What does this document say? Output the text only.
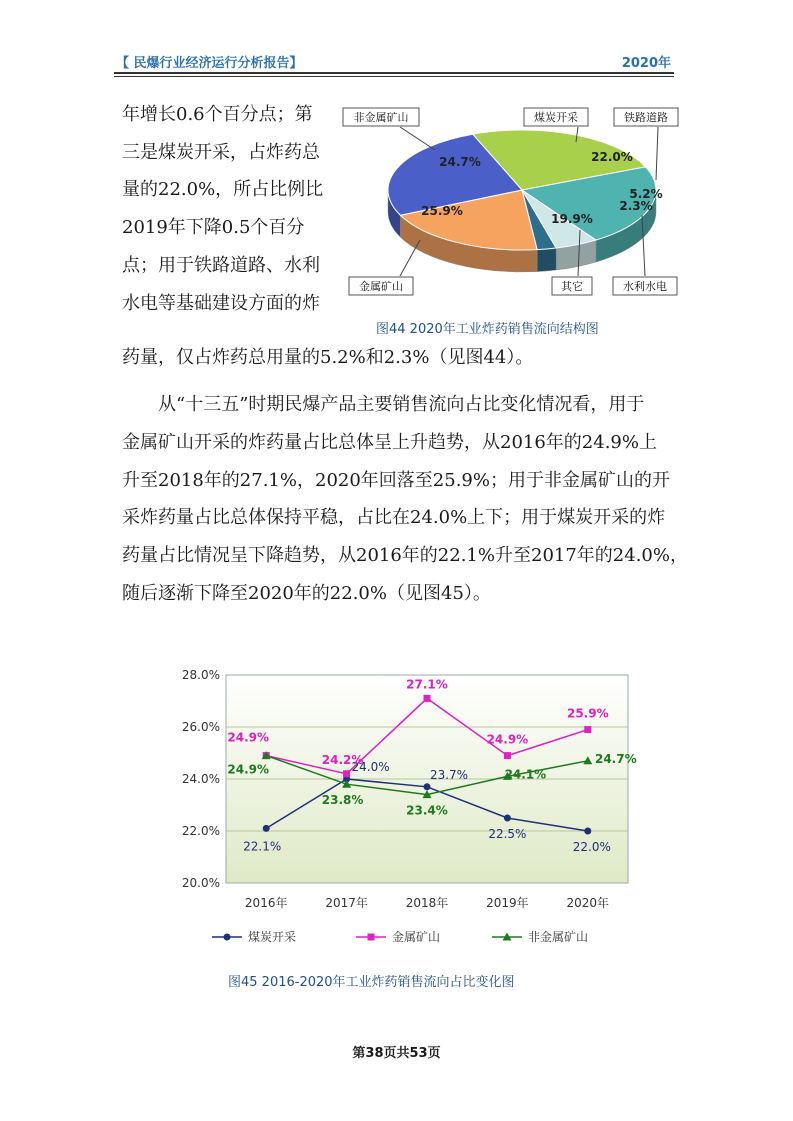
【 民爆行业经济运行分析报告】	2020年
年增长0.6个百分点；第
三是煤炭开采，占炸药总
量的22.0%，所占比例比
2019年下降0.5个百分
点；用于铁路道路、水利
水电等基础建设方面的炸
24.7%	22.0%
5.2%
2.3%
19.9%
25.9%
非金属矿山	煤炭开采	铁路道路
水利水电
其它
金属矿山
图44 2020年工业炸药销售流向结构图
药量，仅占炸药总用量的5.2%和2.3%（见图44）。
从“十三五”时期民爆产品主要销售流向占比变化情况看，用于
金属矿山开采的炸药量占比总体呈上升趋势，从2016年的24.9%上
升至2018年的27.1%，2020年回落至25.9%；用于非金属矿山的开
采炸药量占比总体保持平稳，占比在24.0%上下；用于煤炭开采的炸
药量占比情况呈下降趋势，从2016年的22.1%升至2017年的24.0%，
随后逐渐下降至2020年的22.0%（见图45）。
20.0%
22.0%
24.0%
26.0%
28.0%
2016年	2017年	2018年	2019年	2020年
22.1%
24.0%
23.7%
22.5%
22.0%
24.9%
24.2%
27.1%
24.9%
25.9%
24.9%
23.8%
23.4%
24.1%
24.7%
煤炭开采	金属矿山	非金属矿山
图45 2016-2020年工业炸药销售流向占比变化图
第38页共53页
